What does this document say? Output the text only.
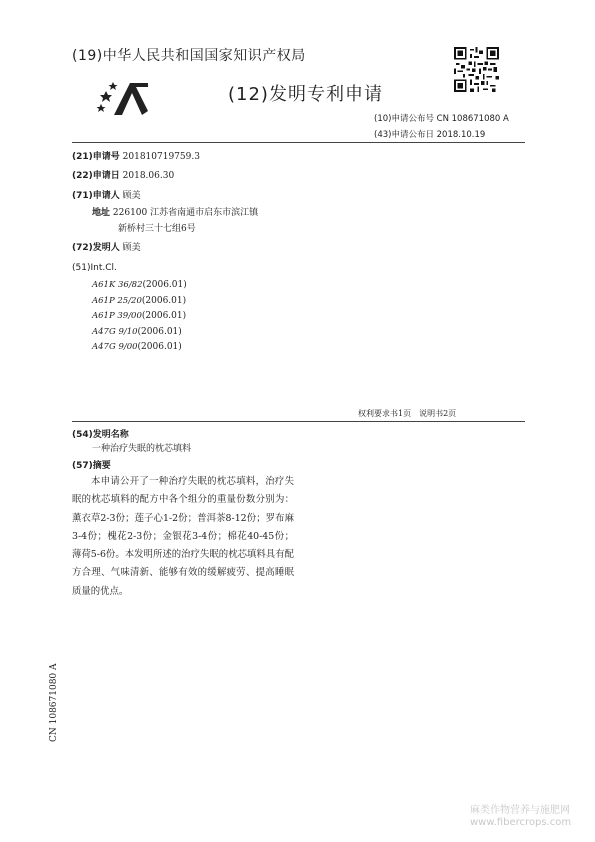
(19)中华人民共和国国家知识产权局
(12)发明专利申请
(10)申请公布号 CN 108671080 A
(43)申请公布日 2018.10.19
(21)申请号 201810719759.3
(22)申请日 2018.06.30
(71)申请人 顾美
地址 226100 江苏省南通市启东市滨江镇
新桥村三十七组6号
(72)发明人 顾美
(51)Int.Cl.
A61K 36/82(2006.01)
A61P 25/20(2006.01)
A61P 39/00(2006.01)
A47G 9/10(2006.01)
A47G 9/00(2006.01)
权利要求书1页　说明书2页
(54)发明名称
一种治疗失眠的枕芯填料
(57)摘要
本申请公开了一种治疗失眠的枕芯填料，治疗失眠的枕芯填料的配方中各个组分的重量份数分别为：薰衣草2-3份；莲子心1-2份；普洱茶8-12份；罗布麻3-4份；槐花2-3份；金银花3-4份；棉花40-45份；薄荷5-6份。本发明所述的治疗失眠的枕芯填料具有配方合理、气味清新、能够有效的缓解疲劳、提高睡眠质量的优点。
CN 108671080 A
麻类作物营养与施肥网
www.fibercrops.com
